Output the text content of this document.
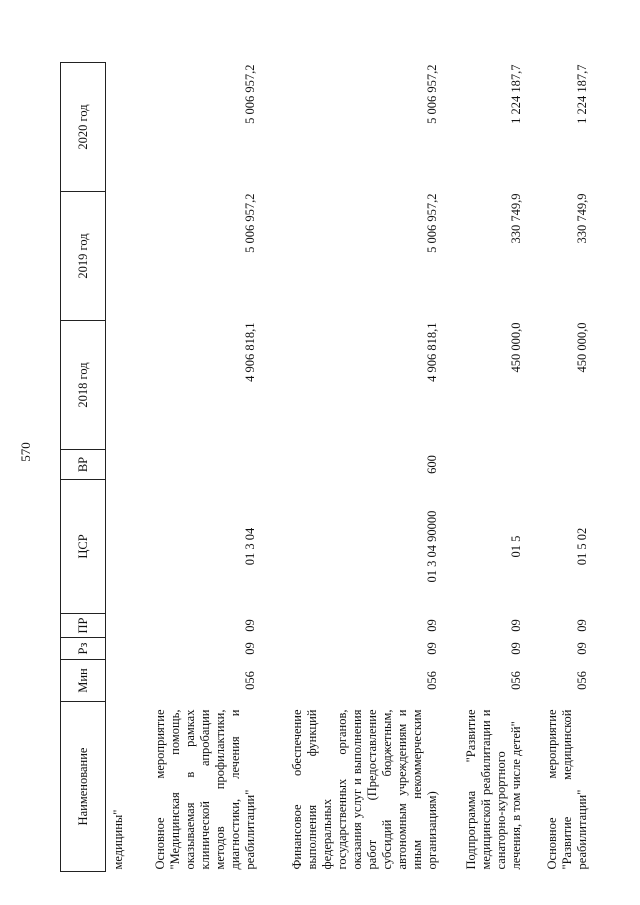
570
Наименование	Мин	Рз	ПР	ЦСР	ВР	2018 год	2019 год	2020 год
медицины"								
Основное мероприятие "Медицинская помощь, оказываемая в рамках клинической апробации методов профилактики, диагностики, лечения и реабилитации"	056	09	09	01 3 04		4 906 818,1	5 006 957,2	5 006 957,2
Финансовое обеспечение выполнения функций федеральных государственных органов, оказания услуг и выполнения работ (Предоставление субсидий бюджетным, автономным учреждениям и иным некоммерческим организациям)	056	09	09	01 3 04 90000	600	4 906 818,1	5 006 957,2	5 006 957,2
Подпрограмма "Развитие медицинской реабилитации и санаторно-курортного лечения, в том числе детей"	056	09	09	01 5		450 000,0	330 749,9	1 224 187,7
Основное мероприятие "Развитие медицинской реабилитации"	056	09	09	01 5 02		450 000,0	330 749,9	1 224 187,7
